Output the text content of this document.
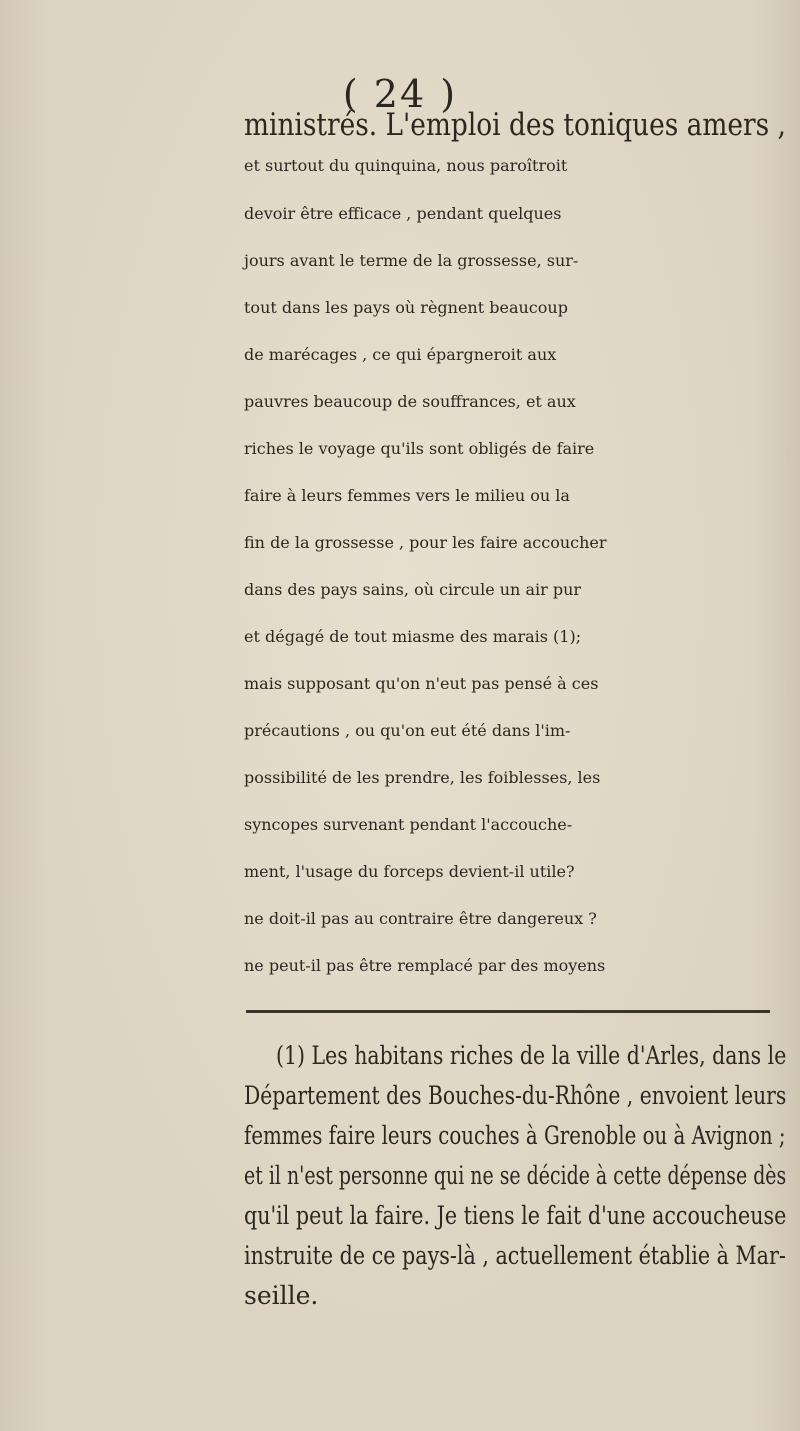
( 24 )
ministrés. L'emploi des toniques amers ,
et surtout du quinquina, nous paroîtroit
devoir être efficace , pendant quelques
jours avant le terme de la grossesse, sur-
tout dans les pays où règnent beaucoup
de marécages , ce qui épargneroit aux
pauvres beaucoup de souffrances, et aux
riches le voyage qu'ils sont obligés de faire
faire à leurs femmes vers le milieu ou la
fin de la grossesse , pour les faire accoucher
dans des pays sains, où circule un air pur
et dégagé de tout miasme des marais (1);
mais supposant qu'on n'eut pas pensé à ces
précautions , ou qu'on eut été dans l'im-
possibilité de les prendre, les foiblesses, les
syncopes survenant pendant l'accouche-
ment, l'usage du forceps devient-il utile?
ne doit-il pas au contraire être dangereux ?
ne peut-il pas être remplacé par des moyens
(1) Les habitans riches de la ville d'Arles, dans le
Département des Bouches-du-Rhône , envoient leurs
femmes faire leurs couches à Grenoble ou à Avignon ;
et il n'est personne qui ne se décide à cette dépense dès
qu'il peut la faire. Je tiens le fait d'une accoucheuse
instruite de ce pays-là , actuellement établie à Mar-
seille.
